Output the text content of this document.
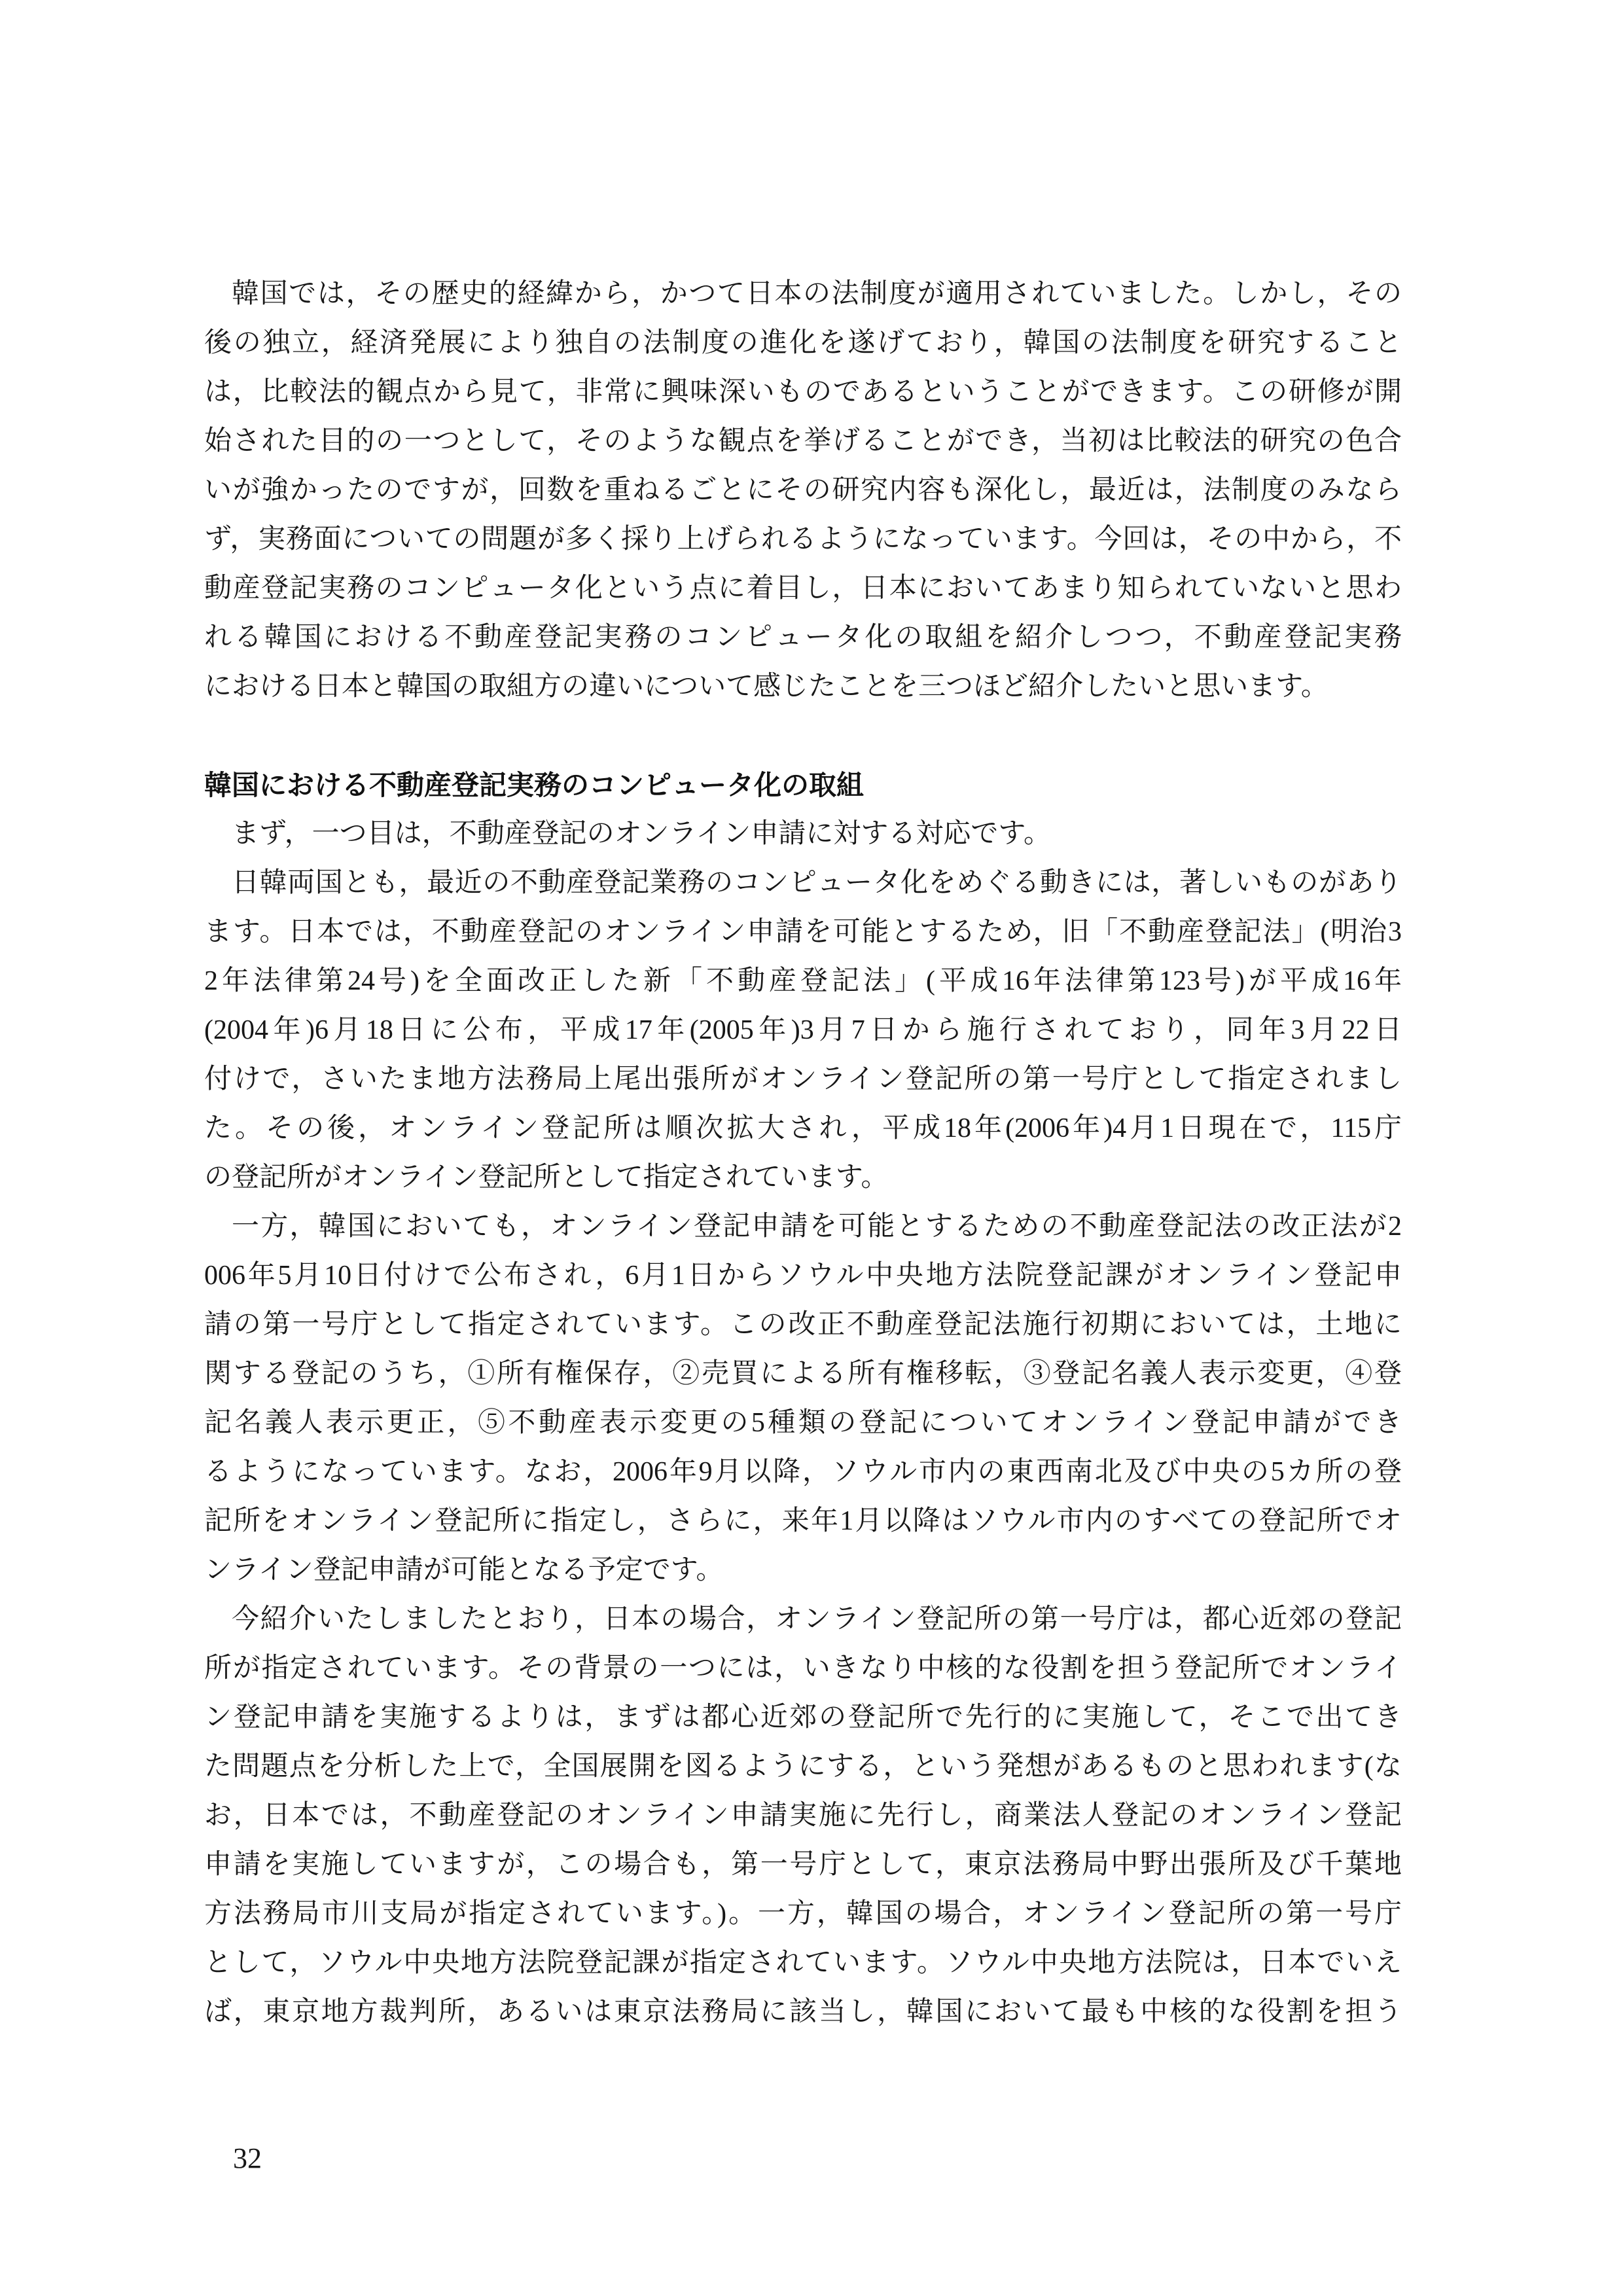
韓国では，その歴史的経緯から，かつて日本の法制度が適用されていました。しかし，その
後の独立，経済発展により独自の法制度の進化を遂げており，韓国の法制度を研究すること
は，比較法的観点から見て，非常に興味深いものであるということができます。この研修が開
始された目的の一つとして，そのような観点を挙げることができ，当初は比較法的研究の色合
いが強かったのですが，回数を重ねるごとにその研究内容も深化し，最近は，法制度のみなら
ず，実務面についての問題が多く採り上げられるようになっています。今回は，その中から，不
動産登記実務のコンピュータ化という点に着目し，日本においてあまり知られていないと思わ
れる韓国における不動産登記実務のコンピュータ化の取組を紹介しつつ，不動産登記実務
における日本と韓国の取組方の違いについて感じたことを三つほど紹介したいと思います。
韓国における不動産登記実務のコンピュータ化の取組
まず，一つ目は，不動産登記のオンライン申請に対する対応です。
日韓両国とも，最近の不動産登記業務のコンピュータ化をめぐる動きには，著しいものがあり
ます。日本では，不動産登記のオンライン申請を可能とするため，旧「不動産登記法」(明治3
2年法律第24号)を全面改正した新「不動産登記法」(平成16年法律第123号)が平成16年
(2004年)6月18日に公布，平成17年(2005年)3月7日から施行されており，同年3月22日
付けで，さいたま地方法務局上尾出張所がオンライン登記所の第一号庁として指定されまし
た。その後，オンライン登記所は順次拡大され，平成18年(2006年)4月1日現在で，115庁
の登記所がオンライン登記所として指定されています。
一方，韓国においても，オンライン登記申請を可能とするための不動産登記法の改正法が2
006年5月10日付けで公布され，6月1日からソウル中央地方法院登記課がオンライン登記申
請の第一号庁として指定されています。この改正不動産登記法施行初期においては，土地に
関する登記のうち，①所有権保存，②売買による所有権移転，③登記名義人表示変更，④登
記名義人表示更正，⑤不動産表示変更の5種類の登記についてオンライン登記申請ができ
るようになっています。なお，2006年9月以降，ソウル市内の東西南北及び中央の5カ所の登
記所をオンライン登記所に指定し，さらに，来年1月以降はソウル市内のすべての登記所でオ
ンライン登記申請が可能となる予定です。
今紹介いたしましたとおり，日本の場合，オンライン登記所の第一号庁は，都心近郊の登記
所が指定されています。その背景の一つには，いきなり中核的な役割を担う登記所でオンライ
ン登記申請を実施するよりは，まずは都心近郊の登記所で先行的に実施して，そこで出てき
た問題点を分析した上で，全国展開を図るようにする，という発想があるものと思われます(な
お，日本では，不動産登記のオンライン申請実施に先行し，商業法人登記のオンライン登記
申請を実施していますが，この場合も，第一号庁として，東京法務局中野出張所及び千葉地
方法務局市川支局が指定されています。)。一方，韓国の場合，オンライン登記所の第一号庁
として，ソウル中央地方法院登記課が指定されています。ソウル中央地方法院は，日本でいえ
ば，東京地方裁判所，あるいは東京法務局に該当し，韓国において最も中核的な役割を担う
32
